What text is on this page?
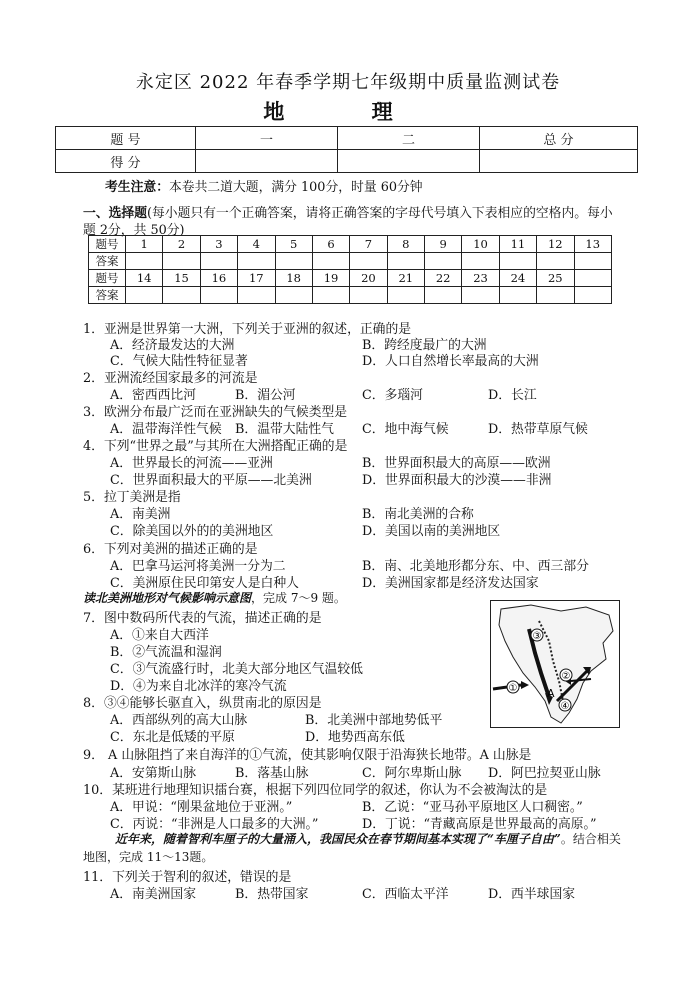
永定区 2022 年春季学期七年级期中质量监测试卷
地 理
题 号	一	二	总 分
得 分			
考生注意：本卷共二道大题，满分 100分，时量 60分钟
一、选择题(每小题只有一个正确答案，请将正确答案的字母代号填入下表相应的空格内。每小题 2分，共 50分)
题号	1	2	3	4	5	6	7	8	9	10	11	12	13
答案													
题号	14	15	16	17	18	19	20	21	22	23	24	25	
答案													
1．亚洲是世界第一大洲，下列关于亚洲的叙述，正确的是
A．经济最发达的大洲	B．跨经度最广的大洲
C．气候大陆性特征显著	D．人口自然增长率最高的大洲
2．亚洲流经国家最多的河流是
A．密西西比河	B．湄公河	C．多瑙河	D．长江
3．欧洲分布最广泛而在亚洲缺失的气候类型是
A．温带海洋性气候 B．温带大陆性气 C．地中海气候	D．热带草原气候
4．下列“世界之最”与其所在大洲搭配正确的是
A．世界最长的河流——亚洲	B．世界面积最大的高原——欧洲
C．世界面积最大的平原——北美洲	D．世界面积最大的沙漠——非洲
5．拉丁美洲是指
A．南美洲	B．南北美洲的合称
C．除美国以外的的美洲地区	D．美国以南的美洲地区
6．下列对美洲的描述正确的是
A．巴拿马运河将美洲一分为二	B．南、北美地形都分东、中、西三部分
C．美洲原住民印第安人是白种人	D．美洲国家都是经济发达国家
读北美洲地形对气候影响示意图，完成 7～9 题。
7．图中数码所代表的气流，描述正确的是
A．①来自大西洋
B．②气流温和湿润
C．③气流盛行时，北美大部分地区气温较低
D．④为来自北冰洋的寒冷气流
8．③④能够长驱直入，纵贯南北的原因是
A．西部纵列的高大山脉	B．北美洲中部地势低平
C．东北是低矮的平原	D．地势西高东低
9． A 山脉阻挡了来自海洋的①气流，使其影响仅限于沿海狭长地带。A 山脉是
A．安第斯山脉	B．落基山脉	C．阿尔卑斯山脉 D．阿巴拉契亚山脉
10．某班进行地理知识擂台赛，根据下列四位同学的叙述，你认为不会被淘汰的是
A．甲说：“刚果盆地位于亚洲。”	B．乙说：“亚马孙平原地区人口稠密。”
C．丙说：“非洲是人口最多的大洲。”	D．丁说：“青藏高原是世界最高的高原。”
近年来，随着智利车厘子的大量涌入，我国民众在春节期间基本实现了“车厘子自由”。结合相关地图，完成 11～13题。
11．下列关于智利的叙述，错误的是
A．南美洲国家	B．热带国家	C．西临太平洋	D．西半球国家
③
②
①
④
A
